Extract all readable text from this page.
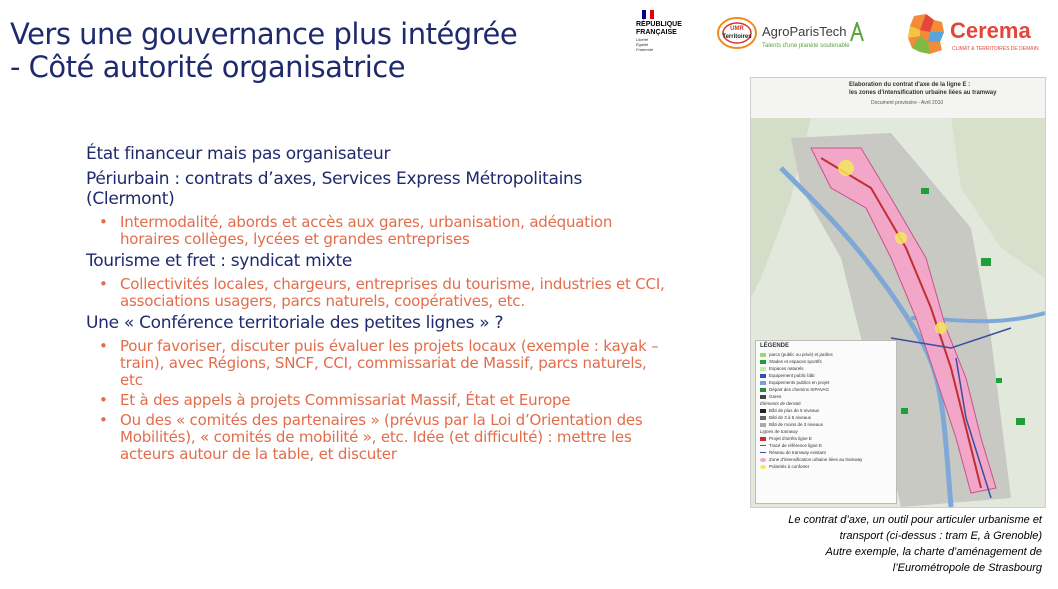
Vers une gouvernance plus intégrée
- Côté autorité organisatrice
RÉPUBLIQUE
FRANÇAISE
Liberté
Égalité
Fraternité
UMR
Territoires AgroParisTech
Talents d'une planète soutenable
Cerema
CLIMAT & TERRITOIRES DE DEMAIN
État financeur mais pas organisateur
Périurbain : contrats d’axes, Services Express Métropolitains (Clermont)
• Intermodalité, abords et accès aux gares, urbanisation, adéquation horaires collèges, lycées et grandes entreprises
Tourisme et fret : syndicat mixte
• Collectivités locales, chargeurs, entreprises du tourisme, industries et CCI, associations usagers, parcs naturels, coopératives, etc.
Une « Conférence territoriale des petites lignes » ?
• Pour favoriser, discuter puis évaluer les projets locaux (exemple : kayak –train), avec Régions, SNCF, CCI, commissariat de Massif, parcs naturels, etc
• Et à des appels à projets Commissariat Massif, État et Europe
• Ou des « comités des partenaires » (prévus par la Loi d’Orientation des Mobilités), « comités de mobilité », etc. Idée (et difficulté) : mettre les acteurs autour de la table, et discuter
Elaboration du contrat d'axe de la ligne E :
les zones d'intensification urbaine liées au tramway
Document provisoire - Avril 2010
LÉGENDE
parcs (public ou privé) et jardins
Stades et espaces sportifs
Espaces naturels
Equipement public bâti
Equipements publics en projet
Départ des chemins SIPAVAG
Gares
Éléments de densité
Bâti de plus de 5 niveaux
Bâti de 3 à 5 niveaux
Bâti de moins de 3 niveaux
Lignes de tramway
Projet d'arrêts ligne E
Tracé de référence ligne E
Réseau de tramway existant
Zone d'intensification urbaine liées au tramway
Polarités à conforter
Le contrat d’axe, un outil pour articuler urbanisme et
transport (ci-dessus : tram E, à Grenoble)
Autre exemple, la charte d’aménagement de
l’Eurométropole de Strasbourg
